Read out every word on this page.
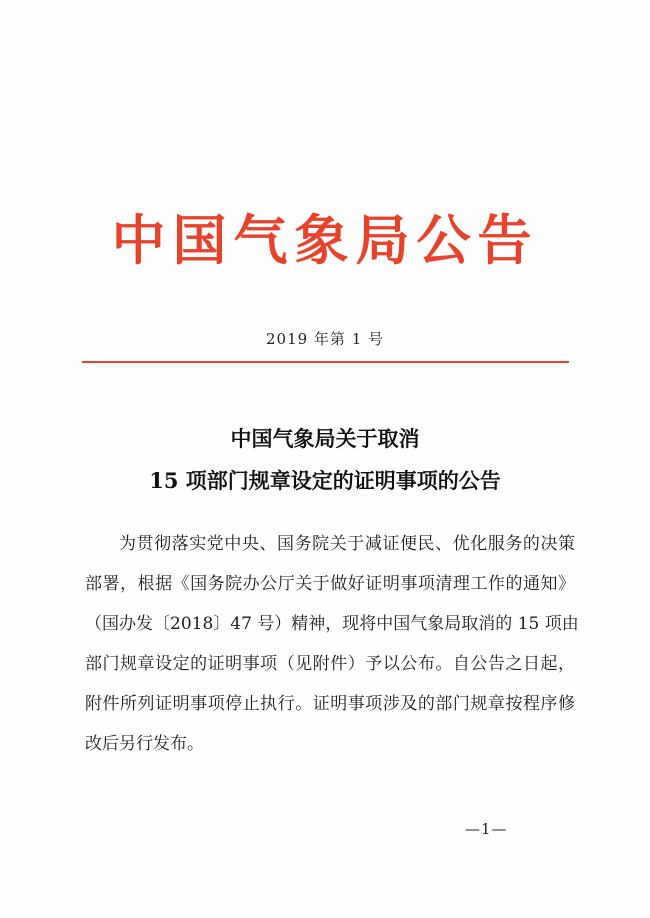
中国气象局公告
2019 年第 1 号
中国气象局关于取消
15 项部门规章设定的证明事项的公告
为贯彻落实党中央、国务院关于减证便民、优化服务的决策
部署，根据《国务院办公厅关于做好证明事项清理工作的通知》
（国办发〔2018〕47 号）精神，现将中国气象局取消的 15 项由
部门规章设定的证明事项（见附件）予以公布。自公告之日起，
附件所列证明事项停止执行。证明事项涉及的部门规章按程序修
改后另行发布。
—1—
